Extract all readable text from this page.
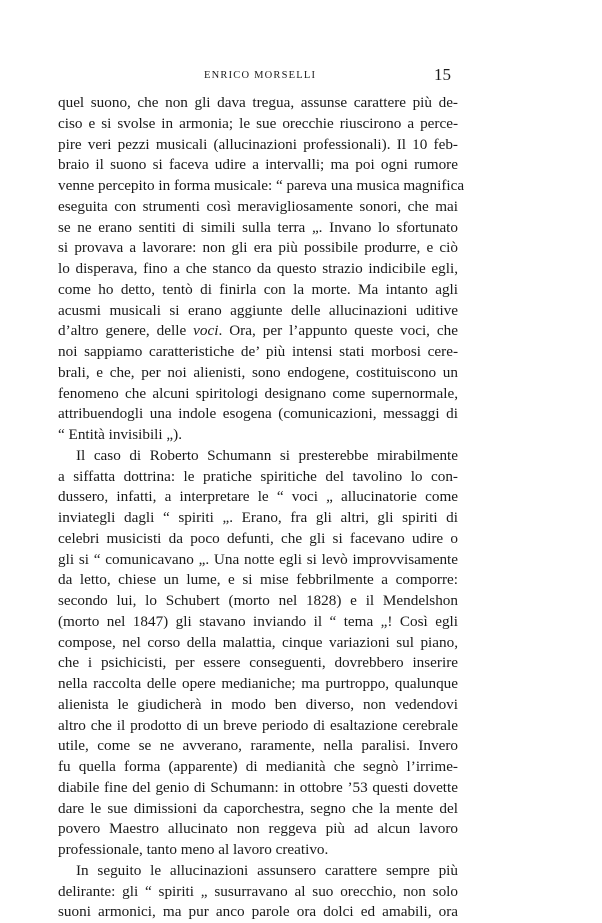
ENRICO MORSELLI	15
quel suono, che non gli dava tregua, assunse carattere più de-
ciso e si svolse in armonia; le sue orecchie riuscirono a perce-
pire veri pezzi musicali (allucinazioni professionali). Il 10 feb-
braio il suono si faceva udire a intervalli; ma poi ogni rumore
venne percepito in forma musicale: “ pareva una musica magnifica
eseguita con strumenti così meravigliosamente sonori, che mai
se ne erano sentiti di simili sulla terra „. Invano lo sfortunato
si provava a lavorare: non gli era più possibile produrre, e ciò
lo disperava, fino a che stanco da questo strazio indicibile egli,
come ho detto, tentò di finirla con la morte. Ma intanto agli
acusmi musicali si erano aggiunte delle allucinazioni uditive
d’altro genere, delle voci. Ora, per l’appunto queste voci, che
noi sappiamo caratteristiche de’ più intensi stati morbosi cere-
brali, e che, per noi alienisti, sono endogene, costituiscono un
fenomeno che alcuni spiritologi designano come supernormale,
attribuendogli una indole esogena (comunicazioni, messaggi di
“ Entità invisibili „).
Il caso di Roberto Schumann si presterebbe mirabilmente
a siffatta dottrina: le pratiche spiritiche del tavolino lo con-
dussero, infatti, a interpretare le “ voci „ allucinatorie come
inviategli dagli “ spiriti „. Erano, fra gli altri, gli spiriti di
celebri musicisti da poco defunti, che gli si facevano udire o
gli si “ comunicavano „. Una notte egli si levò improvvisamente
da letto, chiese un lume, e si mise febbrilmente a comporre:
secondo lui, lo Schubert (morto nel 1828) e il Mendelshon
(morto nel 1847) gli stavano inviando il “ tema „! Così egli
compose, nel corso della malattia, cinque variazioni sul piano,
che i psichicisti, per essere conseguenti, dovrebbero inserire
nella raccolta delle opere medianiche; ma purtroppo, qualunque
alienista le giudicherà in modo ben diverso, non vedendovi
altro che il prodotto di un breve periodo di esaltazione cerebrale
utile, come se ne avverano, raramente, nella paralisi. Invero
fu quella forma (apparente) di medianità che segnò l’irrime-
diabile fine del genio di Schumann: in ottobre ’53 questi dovette
dare le sue dimissioni da caporchestra, segno che la mente del
povero Maestro allucinato non reggeva più ad alcun lavoro
professionale, tanto meno al lavoro creativo.
In seguito le allucinazioni assunsero carattere sempre più
delirante: gli “ spiriti „ susurravano al suo orecchio, non solo
suoni armonici, ma pur anco parole ora dolci ed amabili, ora
